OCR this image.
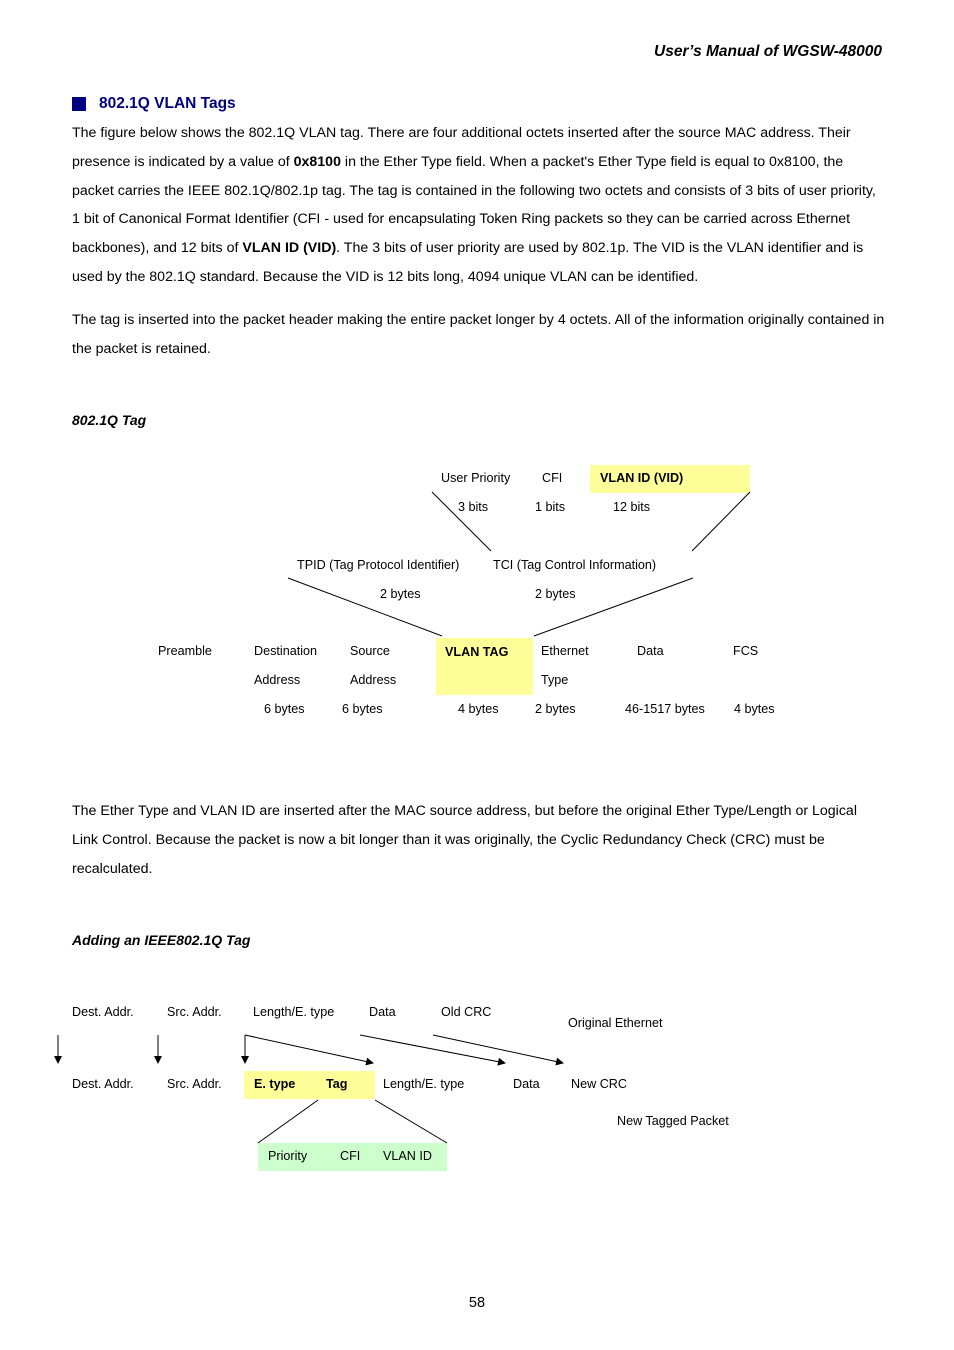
User’s Manual of WGSW-48000
802.1Q VLAN Tags
The figure below shows the 802.1Q VLAN tag. There are four additional octets inserted after the source MAC address. Their presence is indicated by a value of 0x8100 in the Ether Type field. When a packet's Ether Type field is equal to 0x8100, the packet carries the IEEE 802.1Q/802.1p tag. The tag is contained in the following two octets and consists of 3 bits of user priority, 1 bit of Canonical Format Identifier (CFI - used for encapsulating Token Ring packets so they can be carried across Ethernet backbones), and 12 bits of VLAN ID (VID). The 3 bits of user priority are used by 802.1p. The VID is the VLAN identifier and is used by the 802.1Q standard. Because the VID is 12 bits long, 4094 unique VLAN can be identified.
The tag is inserted into the packet header making the entire packet longer by 4 octets. All of the information originally contained in the packet is retained.
802.1Q Tag
User Priority	CFI	VLAN ID (VID)
3 bits	1 bits	12 bits
TPID (Tag Protocol Identifier)	TCI (Tag Control Information)
2 bytes	2 bytes
Preamble	Destination	Source	VLAN TAG	Ethernet	Data	FCS
Address	Address	Type
6 bytes	6 bytes	4 bytes	2 bytes	46-1517 bytes 4 bytes
The Ether Type and VLAN ID are inserted after the MAC source address, but before the original Ether Type/Length or Logical Link Control. Because the packet is now a bit longer than it was originally, the Cyclic Redundancy Check (CRC) must be recalculated.
Adding an IEEE802.1Q Tag
Dest. Addr.	Src. Addr. Length/E. type	Data	Old CRC
Original Ethernet
Dest. Addr.	Src. Addr.	E. type Tag	Length/E. type	Data New CRC
New Tagged Packet
Priority	CFI VLAN ID
58
